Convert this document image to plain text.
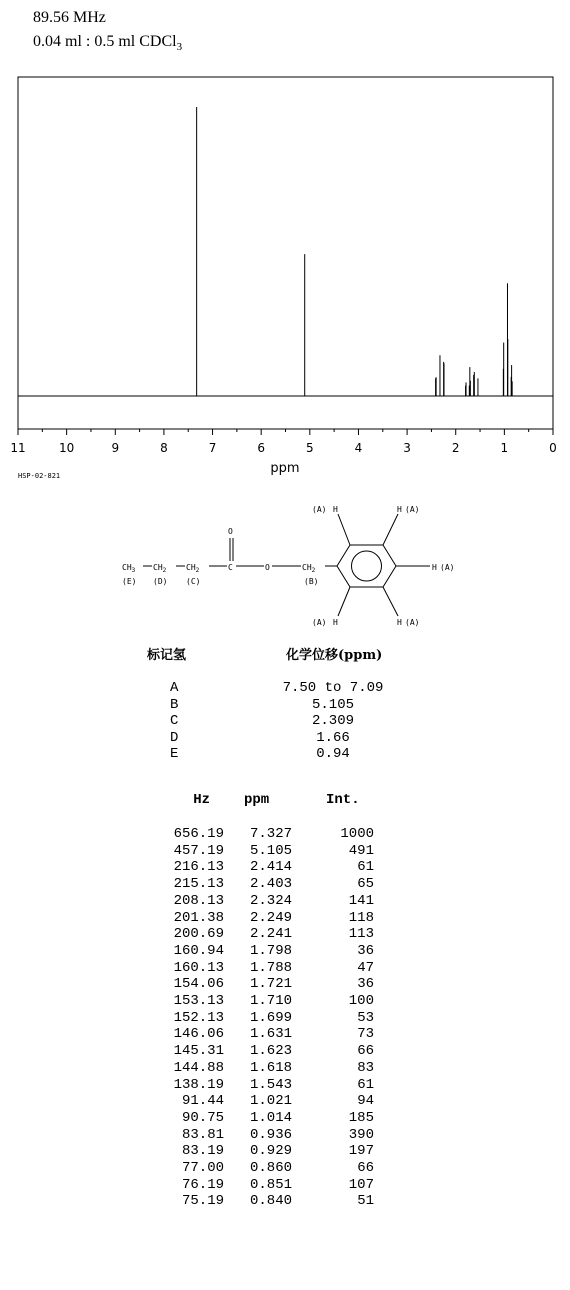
89.56 MHz
0.04 ml : 0.5 ml CDCl$_3$
11	10	9	8	7	6	5	4	3	2	1	0
ppm
HSP-02-821
$CH_3$ $CH_2$ $CH_2$	C
O
O	$CH_2$
(E) (D) (C)	(B)
(A) H	H (A)
H (A)
(A) H	H (A)
标记氢	化学位移(ppm)
A	7.50 to 7.09
B	5.105
C	2.309
D	1.66
E	0.94
Hz ppm	Int.
656.19	7.327	1000
457.19	5.105	491
216.13	2.414	61
215.13	2.403	65
208.13	2.324	141
201.38	2.249	118
200.69	2.241	113
160.94	1.798	36
160.13	1.788	47
154.06	1.721	36
153.13	1.710	100
152.13	1.699	53
146.06	1.631	73
145.31	1.623	66
144.88	1.618	83
138.19	1.543	61
91.44	1.021	94
90.75	1.014	185
83.81	0.936	390
83.19	0.929	197
77.00	0.860	66
76.19	0.851	107
75.19	0.840	51
